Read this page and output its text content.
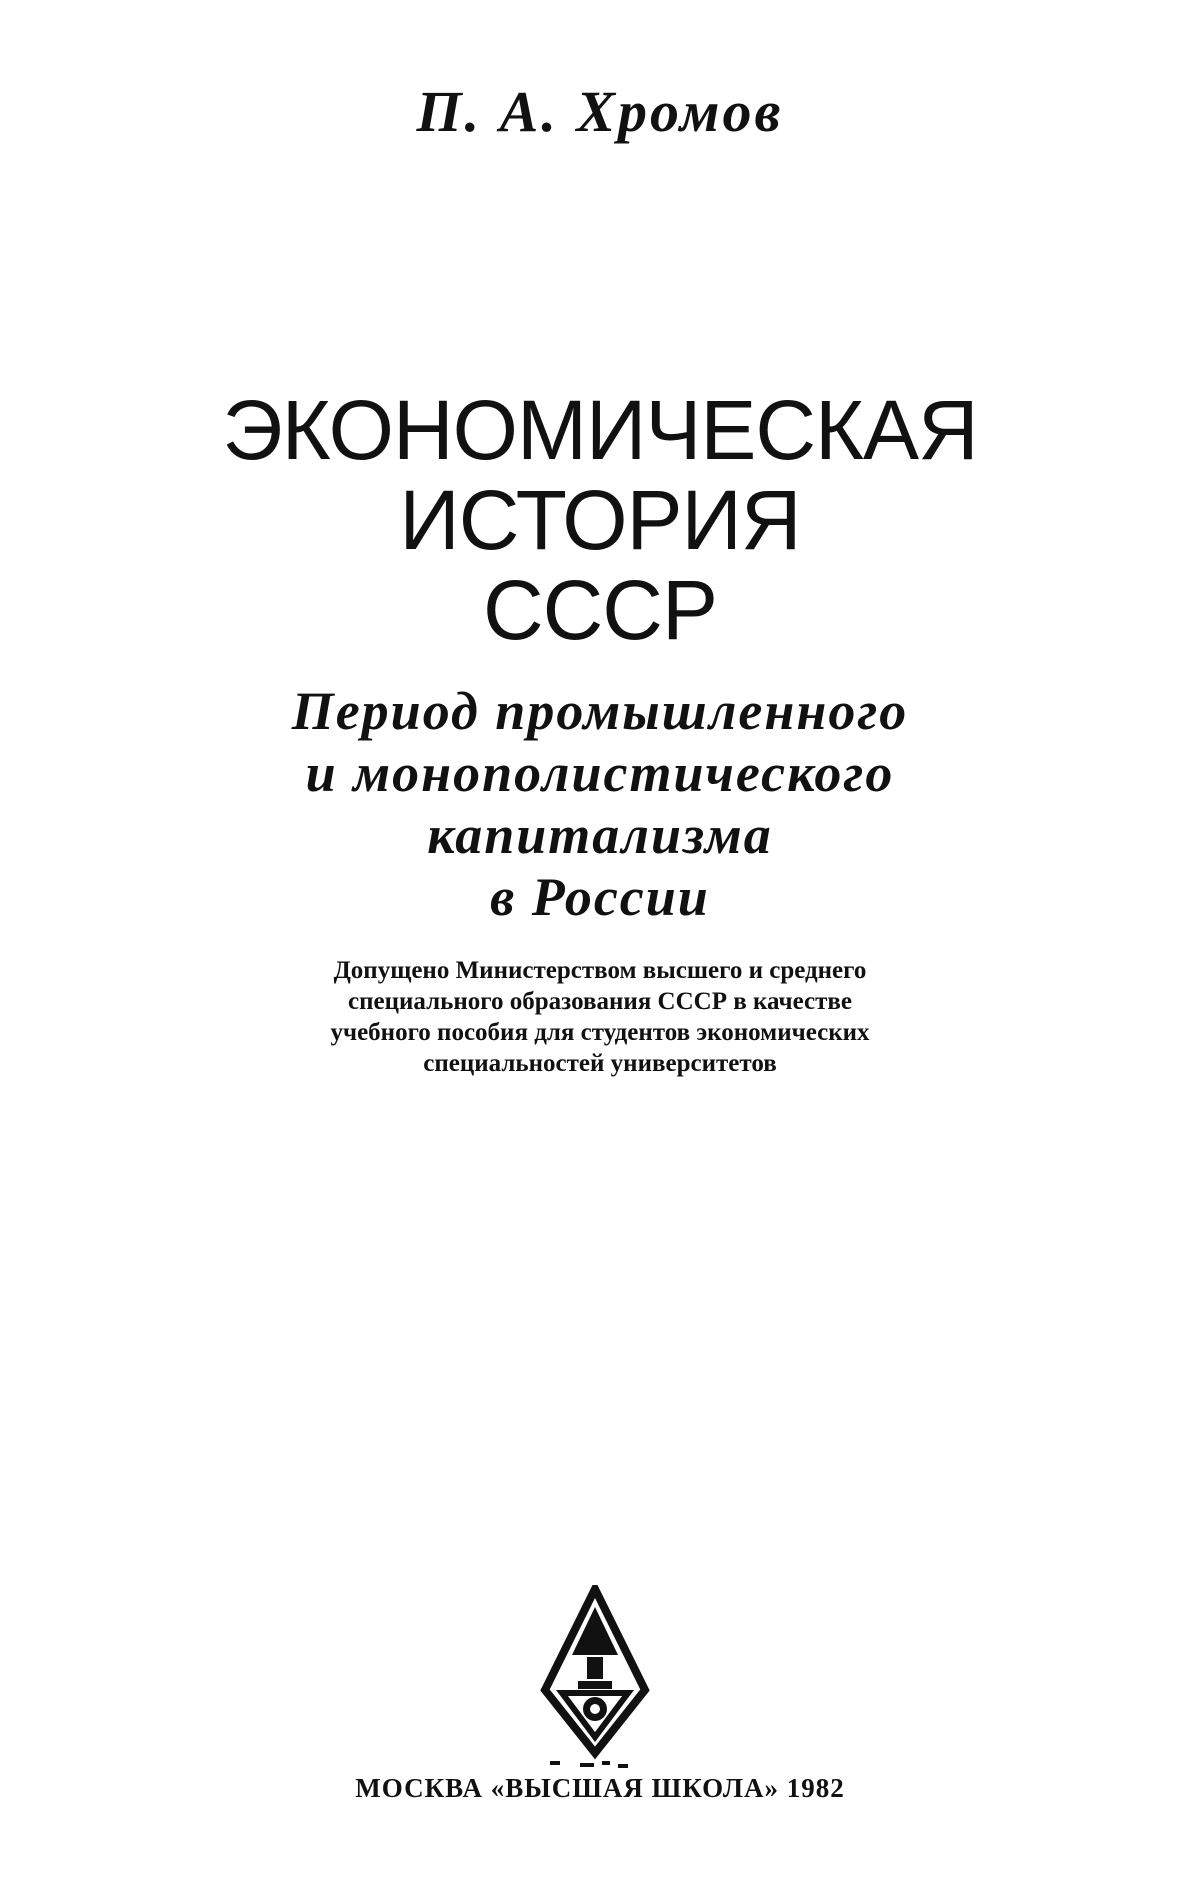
П. А. Хромов
ЭКОНОМИЧЕСКАЯ
ИСТОРИЯ
СССР
Период промышленного
и монополистического
капитализма
в России
Допущено Министерством высшего и среднего
специального образования СССР в качестве
учебного пособия для студентов экономических
специальностей университетов
МОСКВА «ВЫСШАЯ ШКОЛА» 1982
